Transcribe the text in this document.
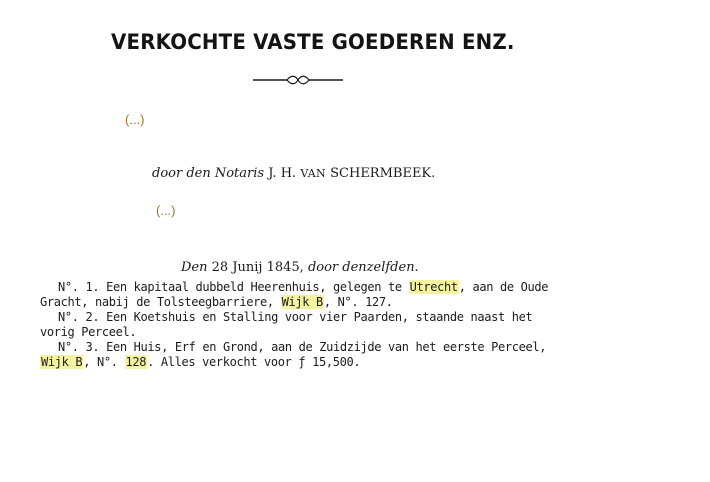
VERKOCHTE VASTE GOEDEREN ENZ.
(...)
door den Notaris J. H. VAN SCHERMBEEK.
(...)
Den 28 Junij 1845, door denzelfden.
N°. 1. Een kapitaal dubbeld Heerenhuis, gelegen te Utrecht, aan de Oude
Gracht, nabij de Tolsteegbarriere, Wijk B, N°. 127.
N°. 2. Een Koetshuis en Stalling voor vier Paarden, staande naast het
vorig Perceel.
N°. 3. Een Huis, Erf en Grond, aan de Zuidzijde van het eerste Perceel,
Wijk B, N°. 128. Alles verkocht voor ƒ 15,500.
